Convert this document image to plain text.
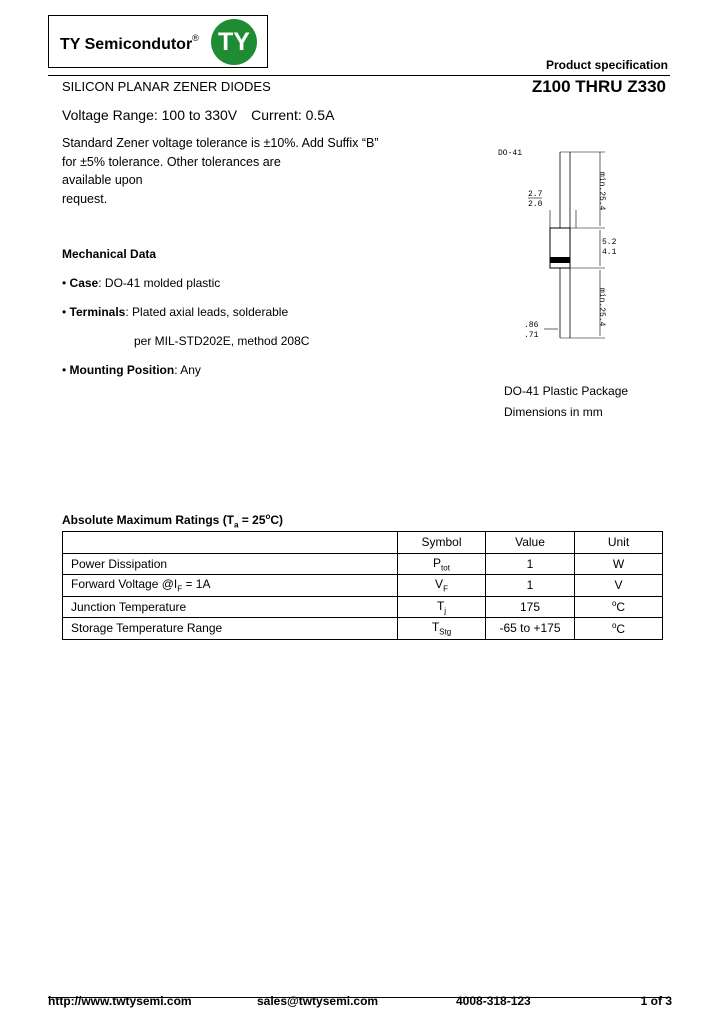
TY Semicondutor® TY
Product specification
SILICON PLANAR ZENER DIODES	Z100 THRU Z330
Voltage Range: 100 to 330V Current: 0.5A
Standard Zener voltage tolerance is ±10%. Add Suffix “B”
for ±5% tolerance. Other tolerances are
available upon
request.
Mechanical Data
• Case: DO-41 molded plastic
• Terminals: Plated axial leads, solderable
per MIL-STD202E, method 208C
• Mounting Position: Any
DO-41
min.25.4
2.7
2.0
5.2
4.1
min.25.4
.86
.71
DO-41 Plastic Package
Dimensions in mm
Absolute Maximum Ratings $(T_a = 25^oC)$
	Symbol	Value	Unit
Power Dissipation	$P_{tot}$	1	W
Forward Voltage $@I_F = 1A$	$V_F$	1	V
Junction Temperature	$T_j$	175	$^o$C
Storage Temperature Range	$T_{Stg}$	-65 to +175	$^o$C
http://www.twtysemi.com	sales@twtysemi.com	4008-318-123	1 of 3
